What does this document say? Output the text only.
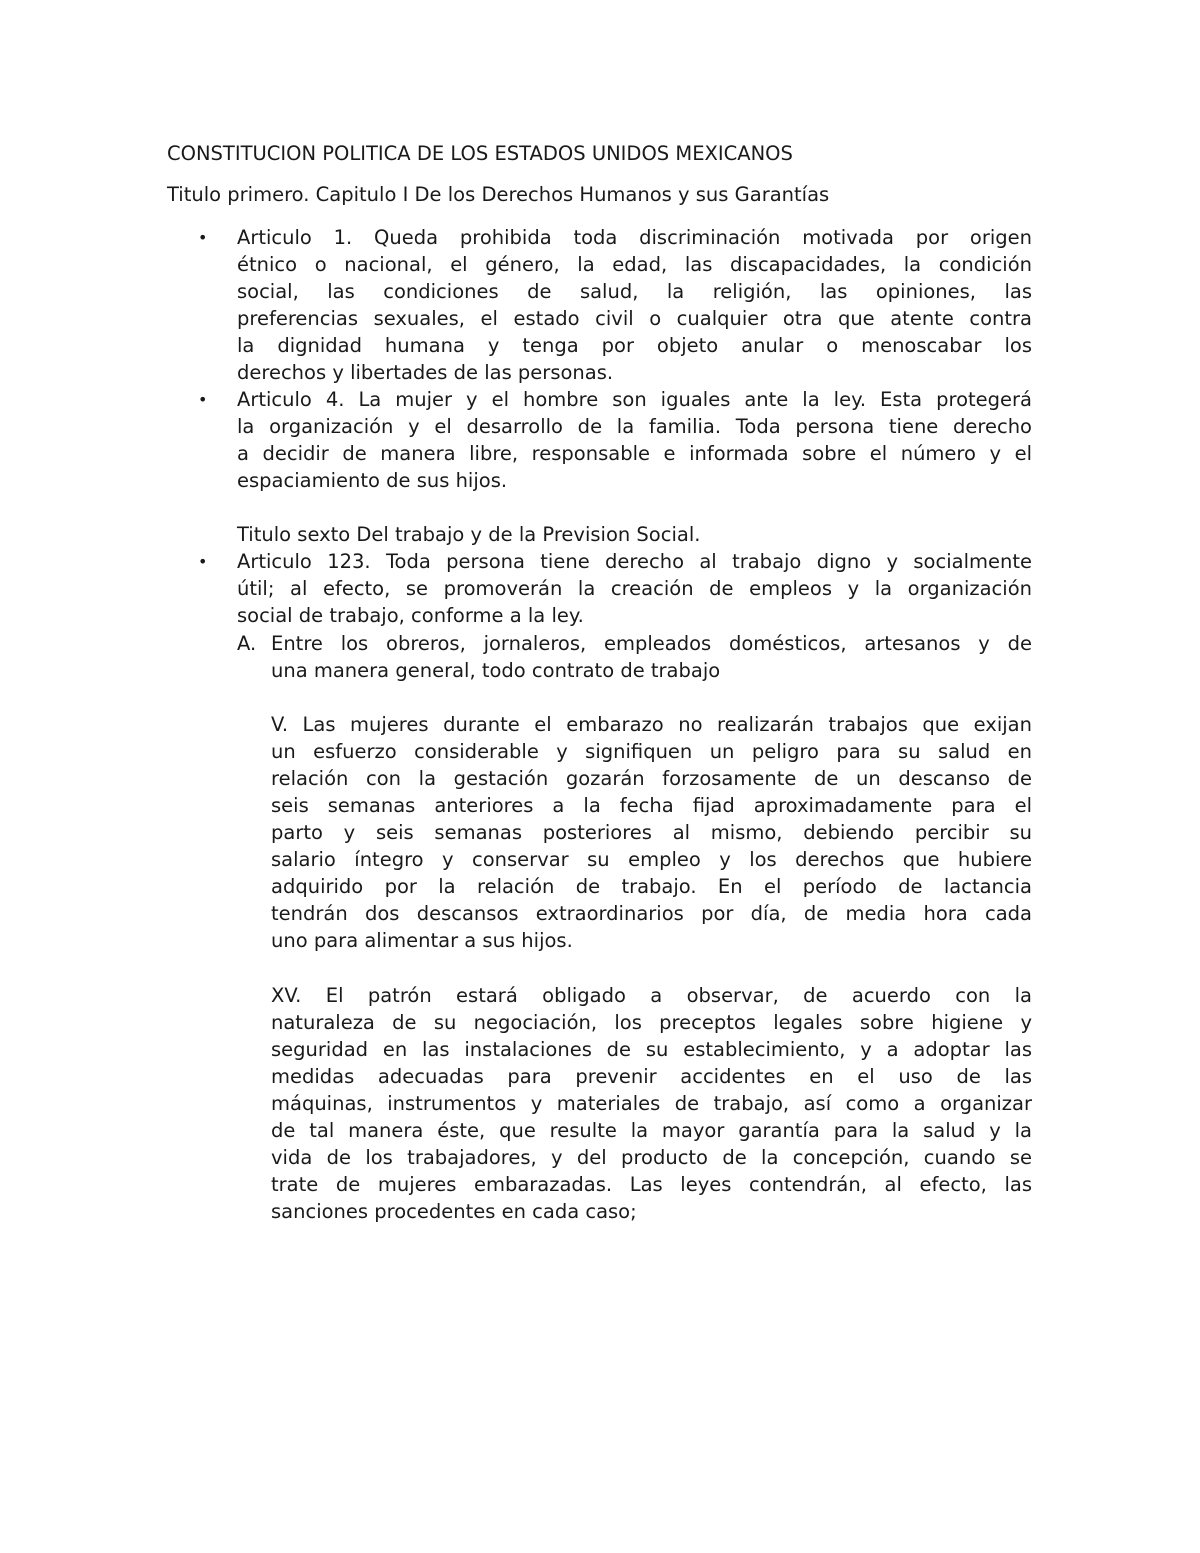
CONSTITUCION POLITICA DE LOS ESTADOS UNIDOS MEXICANOS
Titulo primero. Capitulo I De los Derechos Humanos y sus Garantías
• Articulo 1. Queda prohibida toda discriminación motivada por origen
étnico o nacional, el género, la edad, las discapacidades, la condición
social, las condiciones de salud, la religión, las opiniones, las
preferencias sexuales, el estado civil o cualquier otra que atente contra
la dignidad humana y tenga por objeto anular o menoscabar los
derechos y libertades de las personas.
• Articulo 4. La mujer y el hombre son iguales ante la ley. Esta protegerá
la organización y el desarrollo de la familia. Toda persona tiene derecho
a decidir de manera libre, responsable e informada sobre el número y el
espaciamiento de sus hijos.
Titulo sexto Del trabajo y de la Prevision Social.
• Articulo 123. Toda persona tiene derecho al trabajo digno y socialmente
útil; al efecto, se promoverán la creación de empleos y la organización
social de trabajo, conforme a la ley.
A. Entre los obreros, jornaleros, empleados domésticos, artesanos y de
una manera general, todo contrato de trabajo
V. Las mujeres durante el embarazo no realizarán trabajos que exijan
un esfuerzo considerable y signifiquen un peligro para su salud en
relación con la gestación gozarán forzosamente de un descanso de
seis semanas anteriores a la fecha fijad aproximadamente para el
parto y seis semanas posteriores al mismo, debiendo percibir su
salario íntegro y conservar su empleo y los derechos que hubiere
adquirido por la relación de trabajo. En el período de lactancia
tendrán dos descansos extraordinarios por día, de media hora cada
uno para alimentar a sus hijos.
XV. El patrón estará obligado a observar, de acuerdo con la
naturaleza de su negociación, los preceptos legales sobre higiene y
seguridad en las instalaciones de su establecimiento, y a adoptar las
medidas adecuadas para prevenir accidentes en el uso de las
máquinas, instrumentos y materiales de trabajo, así como a organizar
de tal manera éste, que resulte la mayor garantía para la salud y la
vida de los trabajadores, y del producto de la concepción, cuando se
trate de mujeres embarazadas. Las leyes contendrán, al efecto, las
sanciones procedentes en cada caso;
